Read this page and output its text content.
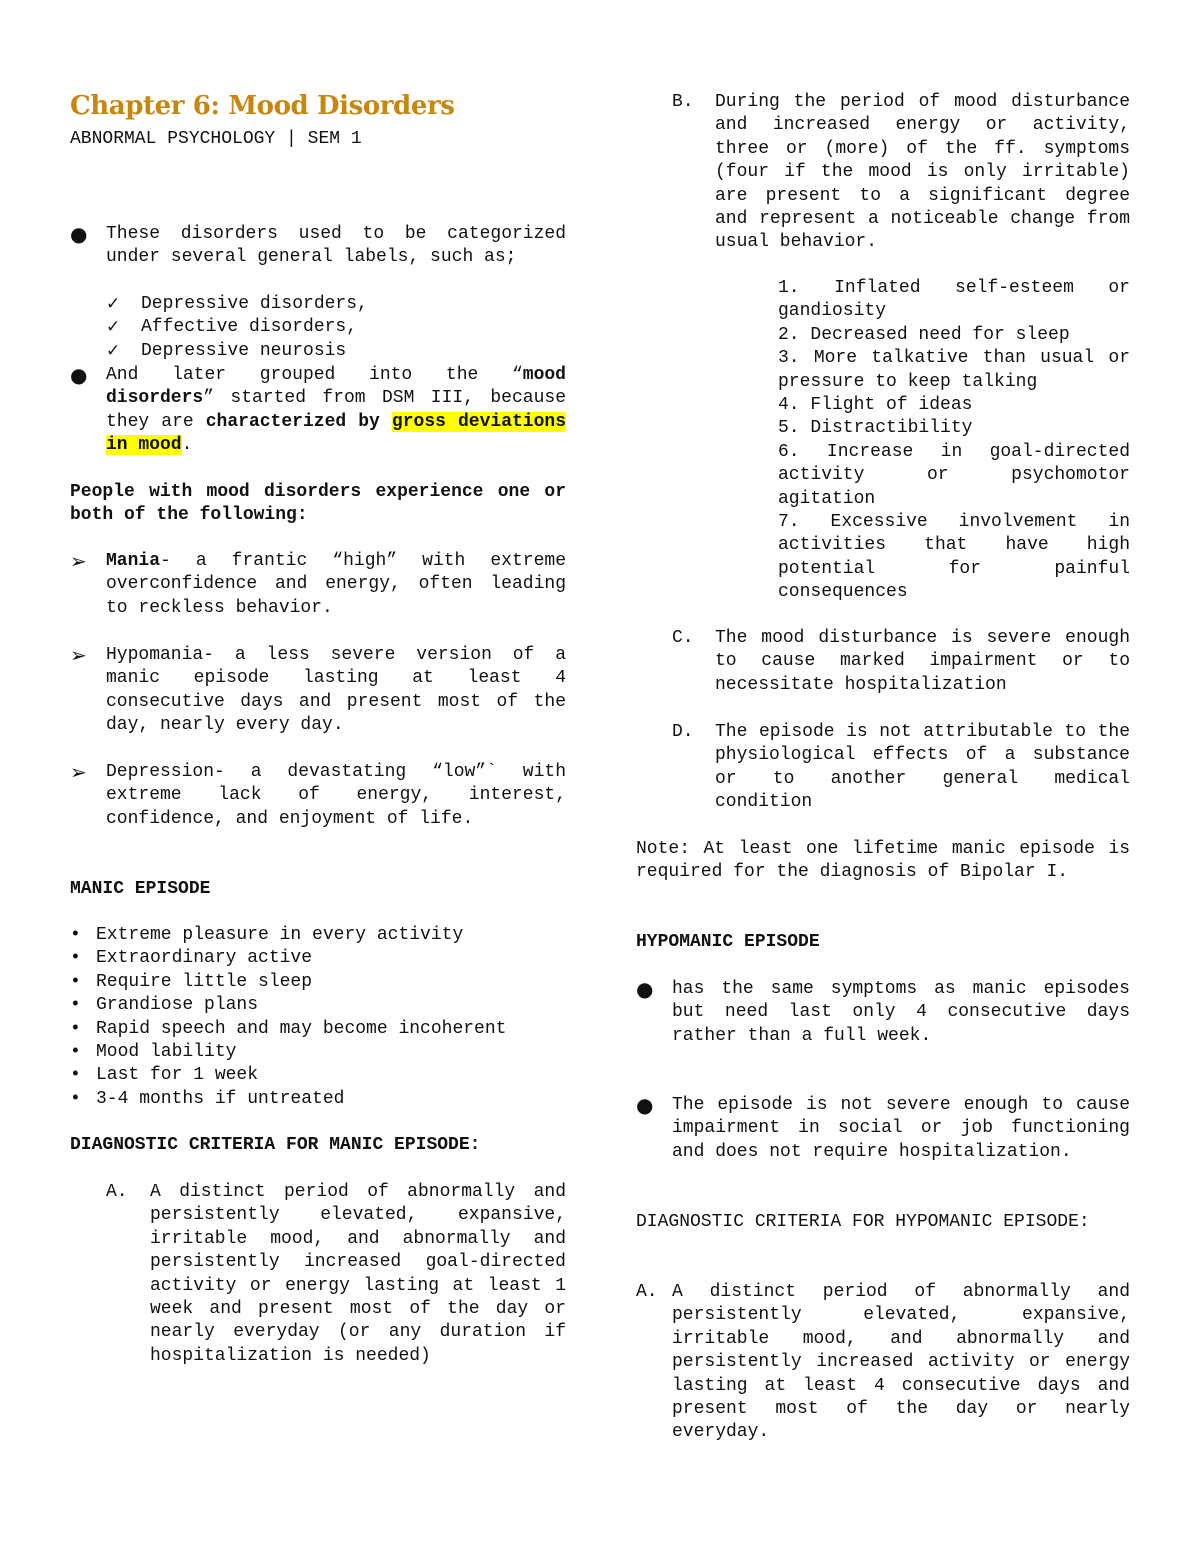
Chapter 6: Mood Disorders
ABNORMAL PSYCHOLOGY | SEM 1
●	These disorders used to be categorized under several general labels, such as;

✓	Depressive disorders,
✓	Affective disorders,
✓	Depressive neurosis
●	And later grouped into the “mood disorders” started from DSM III, because they are characterized by gross deviations in mood.

People with mood disorders experience one or both of the following:

➢	Mania- a frantic “high” with extreme overconfidence and energy, often leading to reckless behavior.

➢	Hypomania- a less severe version of a manic episode lasting at least 4 consecutive days and present most of the day, nearly every day.

➢	Depression- a devastating “low”` with extreme lack of energy, interest, confidence, and enjoyment of life.

MANIC EPISODE

• Extreme pleasure in every activity
• Extraordinary active
• Require little sleep
• Grandiose plans
• Rapid speech and may become incoherent
• Mood lability
• Last for 1 week
• 3-4 months if untreated

DIAGNOSTIC CRITERIA FOR MANIC EPISODE:

A.	A distinct period of abnormally and persistently elevated, expansive, irritable mood, and abnormally and persistently increased goal-directed activity or energy lasting at least 1 week and present most of the day or nearly everyday (or any duration if hospitalization is needed)

B.	During the period of mood disturbance and increased energy or activity, three or (more) of the ff. symptoms (four if the mood is only irritable) are present to a significant degree and represent a noticeable change from usual behavior.

1. Inflated self-esteem or gandiosity

2. Decreased need for sleep

3. More talkative than usual or pressure to keep talking

4. Flight of ideas

5. Distractibility

6. Increase in goal-directed activity or psychomotor agitation

7. Excessive involvement in activities that have high potential for painful consequences

C.	The mood disturbance is severe enough to cause marked impairment or to necessitate hospitalization

D.	The episode is not attributable to the physiological effects of a substance or to another general medical condition

Note: At least one lifetime manic episode is required for the diagnosis of Bipolar I.

HYPOMANIC EPISODE

●	has the same symptoms as manic episodes but need last only 4 consecutive days rather than a full week.

●	The episode is not severe enough to cause impairment in social or job functioning and does not require hospitalization.

DIAGNOSTIC CRITERIA FOR HYPOMANIC EPISODE:

A. A distinct period of abnormally and persistently elevated, expansive, irritable mood, and abnormally and persistently increased activity or energy lasting at least 4 consecutive days and present most of the day or nearly everyday.
